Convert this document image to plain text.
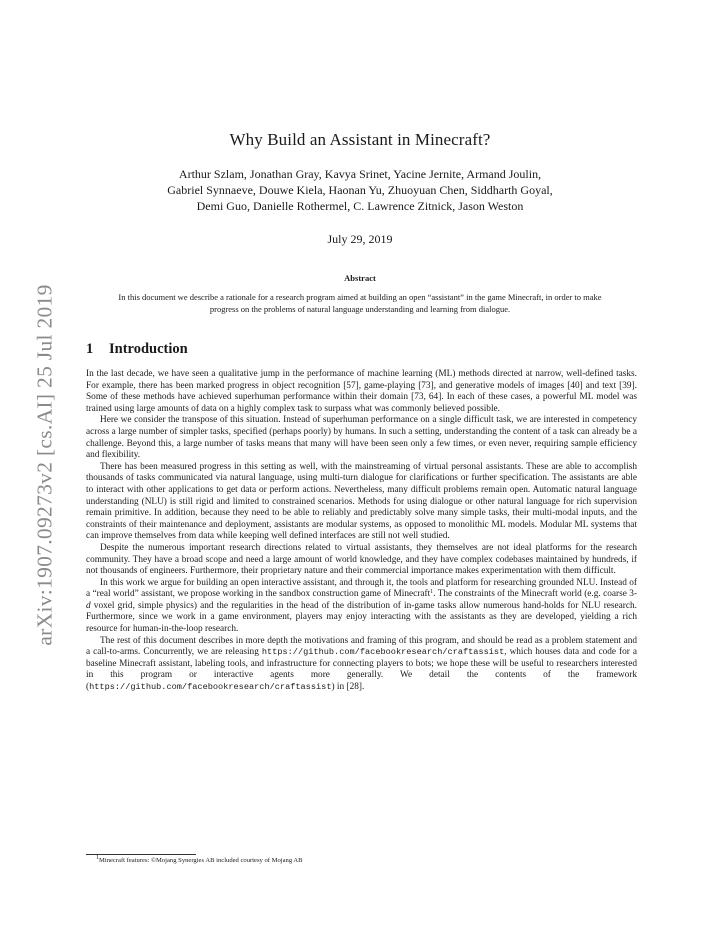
arXiv:1907.09273v2 [cs.AI] 25 Jul 2019
Why Build an Assistant in Minecraft?
Arthur Szlam, Jonathan Gray, Kavya Srinet, Yacine Jernite, Armand Joulin,
Gabriel Synnaeve, Douwe Kiela, Haonan Yu, Zhuoyuan Chen, Siddharth Goyal,
Demi Guo, Danielle Rothermel, C. Lawrence Zitnick, Jason Weston
July 29, 2019
Abstract
In this document we describe a rationale for a research program aimed at building an open “assistant” in the game Minecraft, in order to make progress on the problems of natural language understanding and learning from dialogue.
1 Introduction

In the last decade, we have seen a qualitative jump in the performance of machine learning (ML) methods directed at narrow, well-defined tasks. For example, there has been marked progress in object recognition [57], game-playing [73], and generative models of images [40] and text [39]. Some of these methods have achieved superhuman performance within their domain [73, 64]. In each of these cases, a powerful ML model was trained using large amounts of data on a highly complex task to surpass what was commonly believed possible.

Here we consider the transpose of this situation. Instead of superhuman performance on a single difficult task, we are interested in competency across a large number of simpler tasks, specified (perhaps poorly) by humans. In such a setting, understanding the content of a task can already be a challenge. Beyond this, a large number of tasks means that many will have been seen only a few times, or even never, requiring sample efficiency and flexibility.

There has been measured progress in this setting as well, with the mainstreaming of virtual personal assistants. These are able to accomplish thousands of tasks communicated via natural language, using multi-turn dialogue for clarifications or further specification. The assistants are able to interact with other applications to get data or perform actions. Nevertheless, many difficult problems remain open. Automatic natural language understanding (NLU) is still rigid and limited to constrained scenarios. Methods for using dialogue or other natural language for rich supervision remain primitive. In addition, because they need to be able to reliably and predictably solve many simple tasks, their multi-modal inputs, and the constraints of their maintenance and deployment, assistants are modular systems, as opposed to monolithic ML models. Modular ML systems that can improve themselves from data while keeping well defined interfaces are still not well studied.

Despite the numerous important research directions related to virtual assistants, they themselves are not ideal platforms for the research community. They have a broad scope and need a large amount of world knowledge, and they have complex codebases maintained by hundreds, if not thousands of engineers. Furthermore, their proprietary nature and their commercial importance makes experimentation with them difficult.

In this work we argue for building an open interactive assistant, and through it, the tools and platform for researching grounded NLU. Instead of a “real world” assistant, we propose working in the sandbox construction game of Minecraft$^1$. The constraints of the Minecraft world (e.g. coarse 3-d voxel grid, simple physics) and the regularities in the head of the distribution of in-game tasks allow numerous hand-holds for NLU research. Furthermore, since we work in a game environment, players may enjoy interacting with the assistants as they are developed, yielding a rich resource for human-in-the-loop research.

The rest of this document describes in more depth the motivations and framing of this program, and should be read as a problem statement and a call-to-arms. Concurrently, we are releasing https://github.com/facebookresearch/craftassist, which houses data and code for a baseline Minecraft assistant, labeling tools, and infrastructure for connecting players to bots; we hope these will be useful to researchers interested in this program or interactive agents more generally. We detail the contents of the framework (https://github.com/facebookresearch/craftassist) in [28].

$^1$Minecraft features: ©Mojang Synergies AB included courtesy of Mojang AB
